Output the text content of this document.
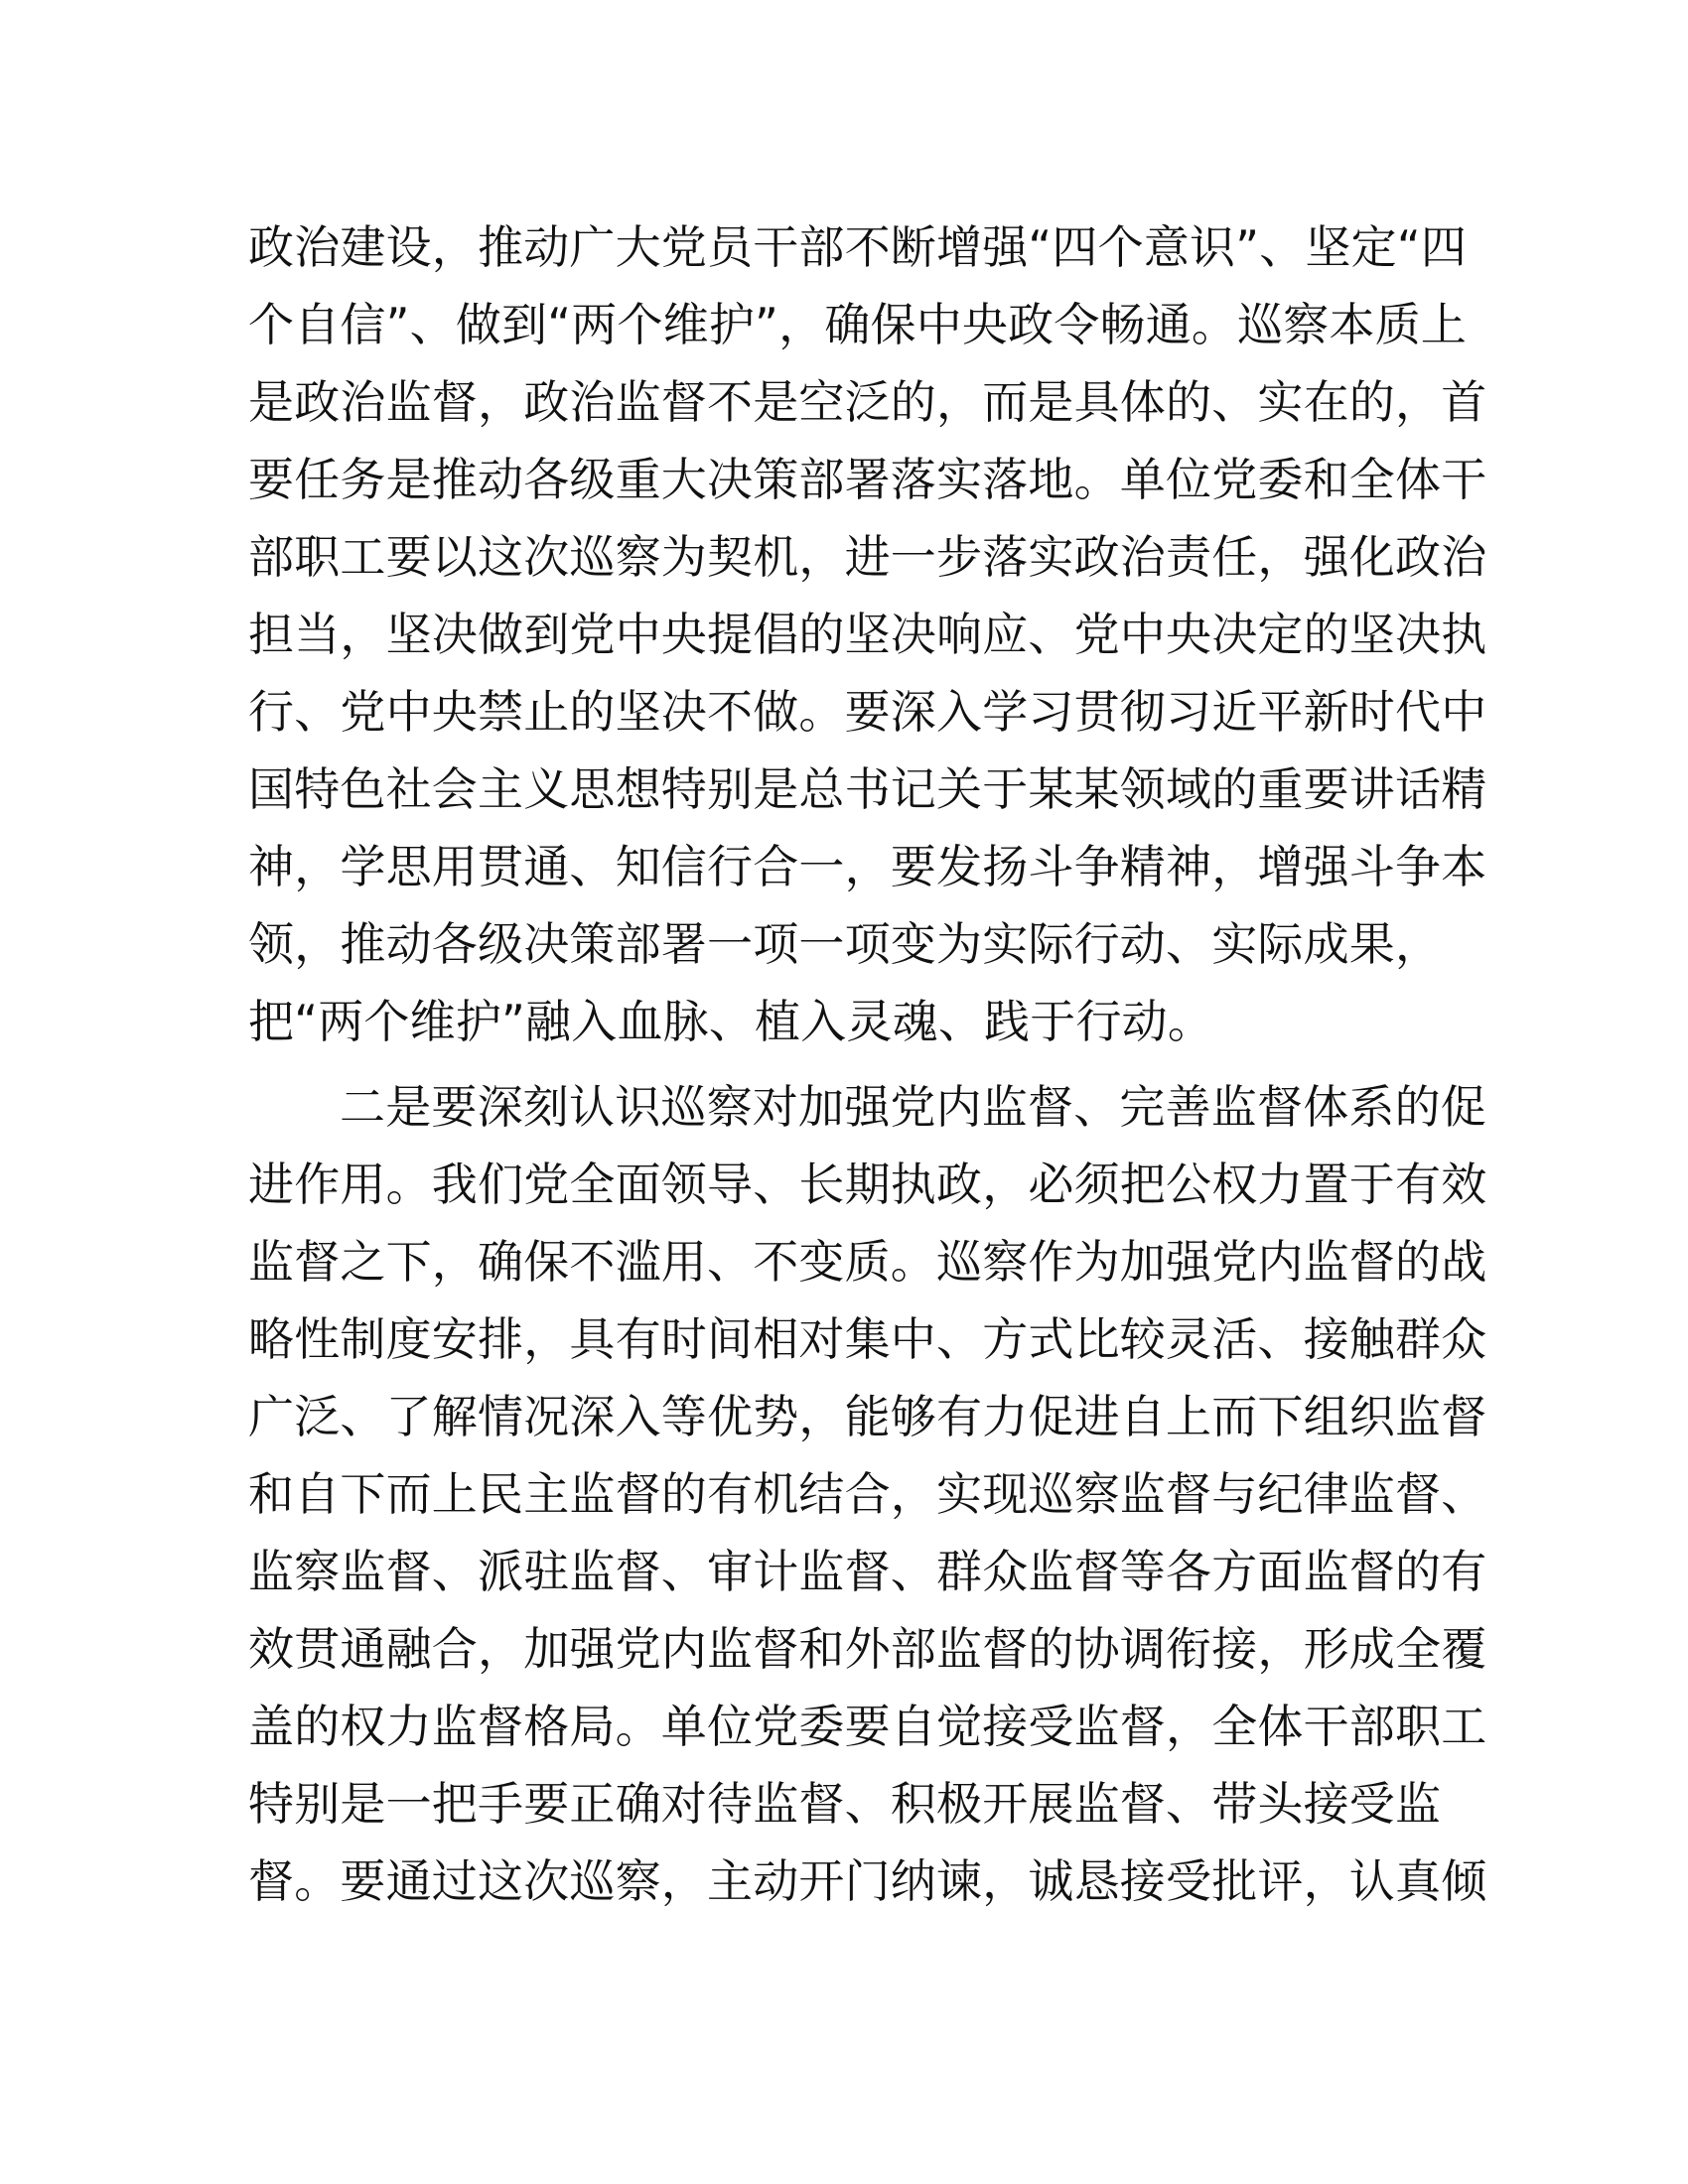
政治建设，推动广大党员干部不断增强“四个意识”、坚定“四
个自信”、做到“两个维护”，确保中央政令畅通。巡察本质上
是政治监督，政治监督不是空泛的，而是具体的、实在的，首
要任务是推动各级重大决策部署落实落地。单位党委和全体干
部职工要以这次巡察为契机，进一步落实政治责任，强化政治
担当，坚决做到党中央提倡的坚决响应、党中央决定的坚决执
行、党中央禁止的坚决不做。要深入学习贯彻习近平新时代中
国特色社会主义思想特别是总书记关于某某领域的重要讲话精
神，学思用贯通、知信行合一，要发扬斗争精神，增强斗争本
领，推动各级决策部署一项一项变为实际行动、实际成果，
把“两个维护”融入血脉、植入灵魂、践于行动。

二是要深刻认识巡察对加强党内监督、完善监督体系的促
进作用。我们党全面领导、长期执政，必须把公权力置于有效
监督之下，确保不滥用、不变质。巡察作为加强党内监督的战
略性制度安排，具有时间相对集中、方式比较灵活、接触群众
广泛、了解情况深入等优势，能够有力促进自上而下组织监督
和自下而上民主监督的有机结合，实现巡察监督与纪律监督、
监察监督、派驻监督、审计监督、群众监督等各方面监督的有
效贯通融合，加强党内监督和外部监督的协调衔接，形成全覆
盖的权力监督格局。单位党委要自觉接受监督，全体干部职工
特别是一把手要正确对待监督、积极开展监督、带头接受监
督。要通过这次巡察，主动开门纳谏，诚恳接受批评，认真倾
